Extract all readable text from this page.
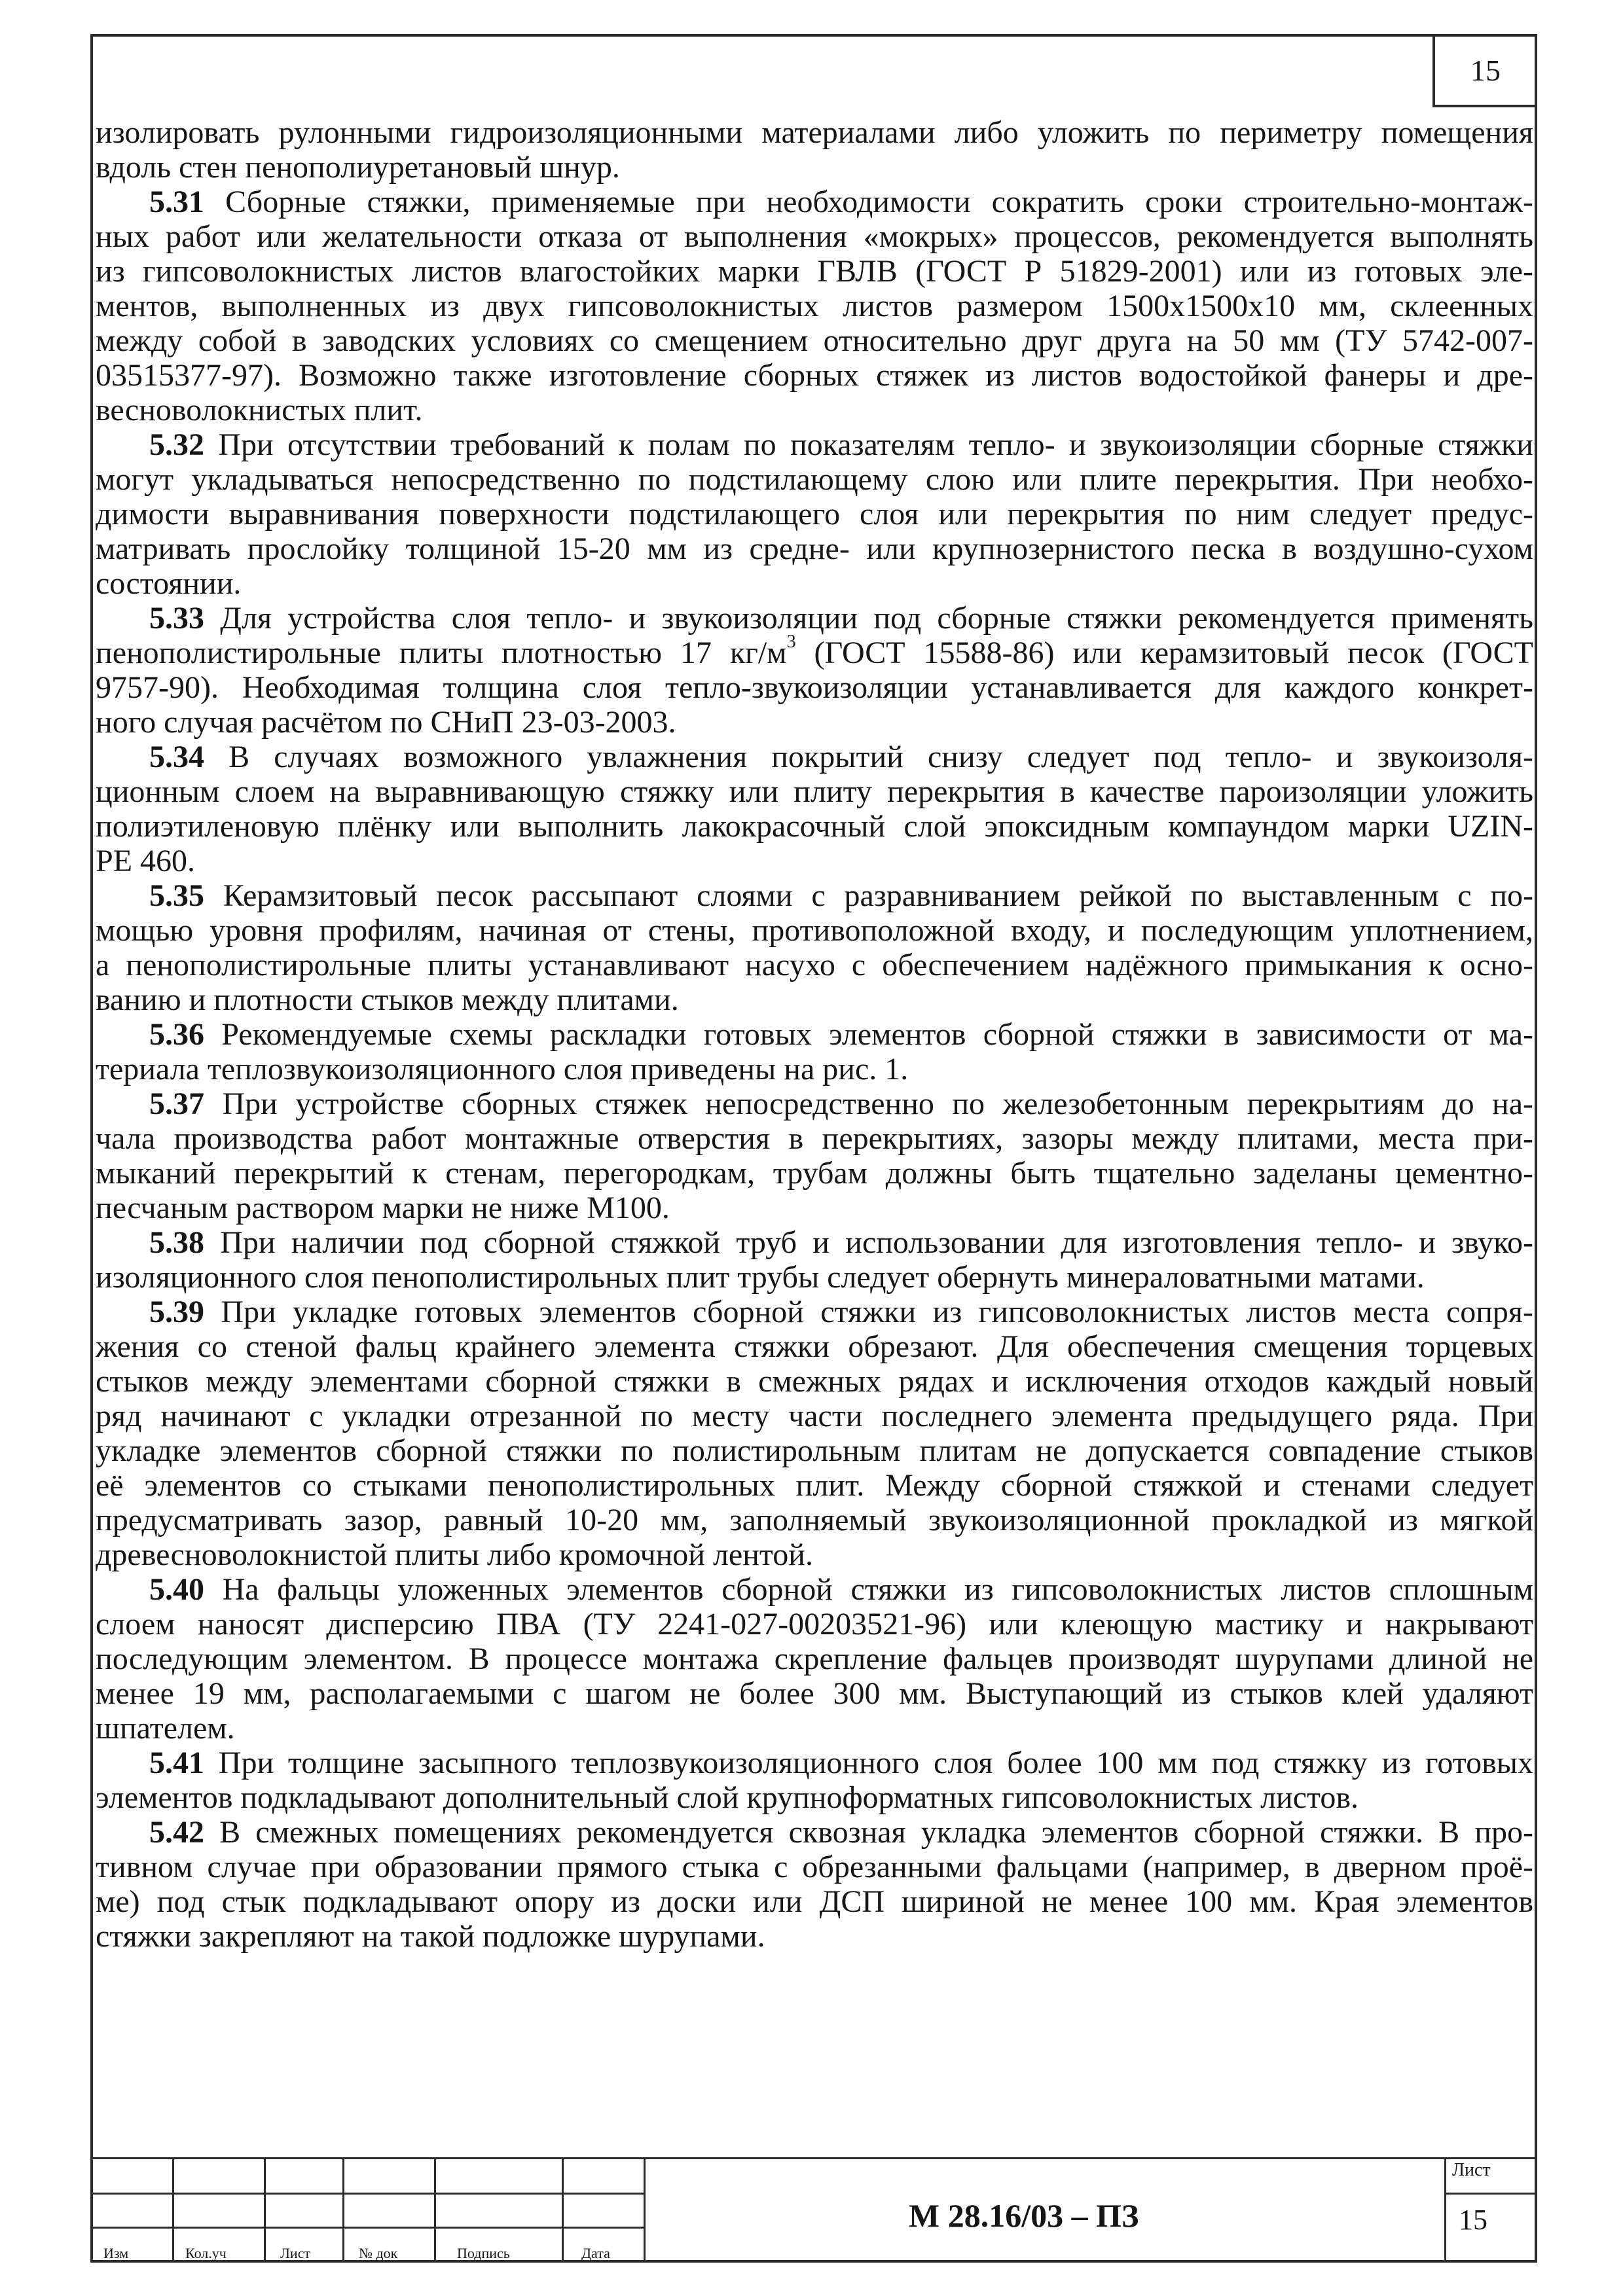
15
изолировать рулонными гидроизоляционными материалами либо уложить по периметру помещения
вдоль стен пенополиуретановый шнур.
5.31 Сборные стяжки, применяемые при необходимости сократить сроки строительно-монтаж-
ных работ или желательности отказа от выполнения «мокрых» процессов, рекомендуется выполнять
из гипсоволокнистых листов влагостойких марки ГВЛВ (ГОСТ Р 51829-2001) или из готовых эле-
ментов, выполненных из двух гипсоволокнистых листов размером 1500x1500x10 мм, склеенных
между собой в заводских условиях со смещением относительно друг друга на 50 мм (ТУ 5742-007-
03515377-97). Возможно также изготовление сборных стяжек из листов водостойкой фанеры и дре-
весноволокнистых плит.
5.32 При отсутствии требований к полам по показателям тепло- и звукоизоляции сборные стяжки
могут укладываться непосредственно по подстилающему слою или плите перекрытия. При необхо-
димости выравнивания поверхности подстилающего слоя или перекрытия по ним следует предус-
матривать прослойку толщиной 15-20 мм из средне- или крупнозернистого песка в воздушно-сухом
состоянии.
5.33 Для устройства слоя тепло- и звукоизоляции под сборные стяжки рекомендуется применять
пенополистирольные плиты плотностью 17 $кг/м^3$ (ГОСТ 15588-86) или керамзитовый песок (ГОСТ
9757-90). Необходимая толщина слоя тепло-звукоизоляции устанавливается для каждого конкрет-
ного случая расчётом по СНиП 23-03-2003.
5.34 В случаях возможного увлажнения покрытий снизу следует под тепло- и звукоизоля-
ционным слоем на выравнивающую стяжку или плиту перекрытия в качестве пароизоляции уложить
полиэтиленовую плёнку или выполнить лакокрасочный слой эпоксидным компаундом марки UZIN-
PE 460.
5.35 Керамзитовый песок рассыпают слоями с разравниванием рейкой по выставленным с по-
мощью уровня профилям, начиная от стены, противоположной входу, и последующим уплотнением,
а пенополистирольные плиты устанавливают насухо с обеспечением надёжного примыкания к осно-
ванию и плотности стыков между плитами.
5.36 Рекомендуемые схемы раскладки готовых элементов сборной стяжки в зависимости от ма-
териала теплозвукоизоляционного слоя приведены на рис. 1.
5.37 При устройстве сборных стяжек непосредственно по железобетонным перекрытиям до на-
чала производства работ монтажные отверстия в перекрытиях, зазоры между плитами, места при-
мыканий перекрытий к стенам, перегородкам, трубам должны быть тщательно заделаны цементно-
песчаным раствором марки не ниже М100.
5.38 При наличии под сборной стяжкой труб и использовании для изготовления тепло- и звуко-
изоляционного слоя пенополистирольных плит трубы следует обернуть минераловатными матами.
5.39 При укладке готовых элементов сборной стяжки из гипсоволокнистых листов места сопря-
жения со стеной фальц крайнего элемента стяжки обрезают. Для обеспечения смещения торцевых
стыков между элементами сборной стяжки в смежных рядах и исключения отходов каждый новый
ряд начинают с укладки отрезанной по месту части последнего элемента предыдущего ряда. При
укладке элементов сборной стяжки по полистирольным плитам не допускается совпадение стыков
её элементов со стыками пенополистирольных плит. Между сборной стяжкой и стенами следует
предусматривать зазор, равный 10-20 мм, заполняемый звукоизоляционной прокладкой из мягкой
древесноволокнистой плиты либо кромочной лентой.
5.40 На фальцы уложенных элементов сборной стяжки из гипсоволокнистых листов сплошным
слоем наносят дисперсию ПВА (ТУ 2241-027-00203521-96) или клеющую мастику и накрывают
последующим элементом. В процессе монтажа скрепление фальцев производят шурупами длиной не
менее 19 мм, располагаемыми с шагом не более 300 мм. Выступающий из стыков клей удаляют
шпателем.
5.41 При толщине засыпного теплозвукоизоляционного слоя более 100 мм под стяжку из готовых
элементов подкладывают дополнительный слой крупноформатных гипсоволокнистых листов.
5.42 В смежных помещениях рекомендуется сквозная укладка элементов сборной стяжки. В про-
тивном случае при образовании прямого стыка с обрезанными фальцами (например, в дверном проё-
ме) под стык подкладывают опору из доски или ДСП шириной не менее 100 мм. Края элементов
стяжки закрепляют на такой подложке шурупами.
Изм	Кол.уч	Лист	№ док	Подпись	Дата
М 28.16/03 – ПЗ
Лист
15
